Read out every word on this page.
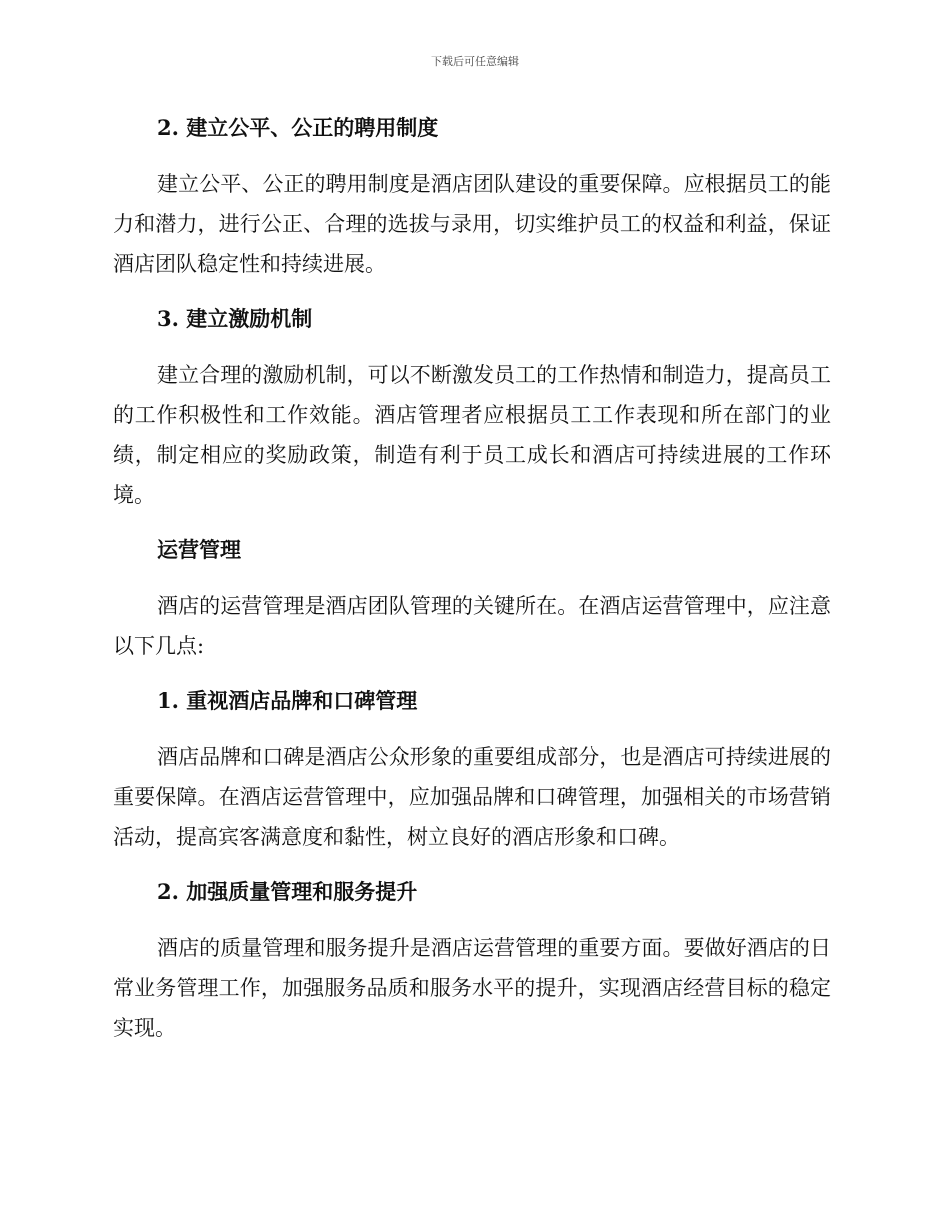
下载后可任意编辑
2. 建立公平、公正的聘用制度

建立公平、公正的聘用制度是酒店团队建设的重要保障。应根据员工的能力和潜力，进行公正、合理的选拔与录用，切实维护员工的权益和利益，保证酒店团队稳定性和持续进展。

3. 建立激励机制

建立合理的激励机制，可以不断激发员工的工作热情和制造力，提高员工的工作积极性和工作效能。酒店管理者应根据员工工作表现和所在部门的业绩，制定相应的奖励政策，制造有利于员工成长和酒店可持续进展的工作环境。

运营管理

酒店的运营管理是酒店团队管理的关键所在。在酒店运营管理中，应注意以下几点:

1. 重视酒店品牌和口碑管理

酒店品牌和口碑是酒店公众形象的重要组成部分，也是酒店可持续进展的重要保障。在酒店运营管理中，应加强品牌和口碑管理，加强相关的市场营销活动，提高宾客满意度和黏性，树立良好的酒店形象和口碑。

2. 加强质量管理和服务提升

酒店的质量管理和服务提升是酒店运营管理的重要方面。要做好酒店的日常业务管理工作，加强服务品质和服务水平的提升，实现酒店经营目标的稳定实现。
